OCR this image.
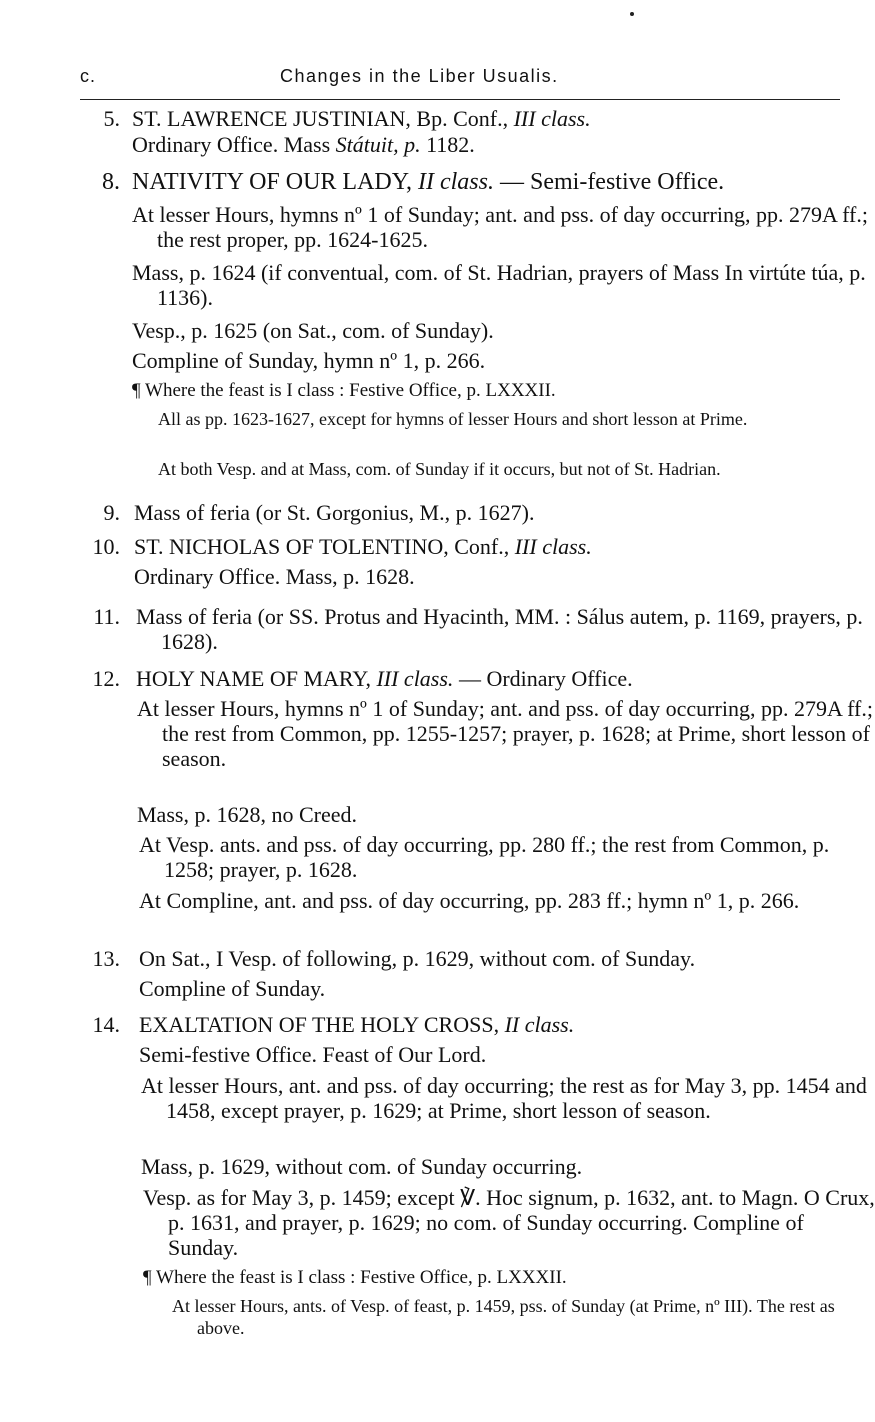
c.	Changes in the Liber Usualis.
5. ST. LAWRENCE JUSTINIAN, Bp. Conf., III class.
Ordinary Office. Mass Státuit, p. 1182.
8. NATIVITY OF OUR LADY, II class. — Semi-festive Office.
At lesser Hours, hymns nº 1 of Sunday; ant. and pss. of day occurring, pp. 279A ff.; the rest proper, pp. 1624-1625.
Mass, p. 1624 (if conventual, com. of St. Hadrian, prayers of Mass In virtúte túa, p. 1136).
Vesp., p. 1625 (on Sat., com. of Sunday).
Compline of Sunday, hymn nº 1, p. 266.
¶ Where the feast is I class : Festive Office, p. LXXXII.
All as pp. 1623-1627, except for hymns of lesser Hours and short lesson at Prime.
At both Vesp. and at Mass, com. of Sunday if it occurs, but not of St. Hadrian.
9. Mass of feria (or St. Gorgonius, M., p. 1627).
10. ST. NICHOLAS OF TOLENTINO, Conf., III class.
Ordinary Office. Mass, p. 1628.
11. Mass of feria (or SS. Protus and Hyacinth, MM. : Sálus autem, p. 1169, prayers, p. 1628).
12. HOLY NAME OF MARY, III class. — Ordinary Office.
At lesser Hours, hymns nº 1 of Sunday; ant. and pss. of day occurring, pp. 279A ff.; the rest from Common, pp. 1255-1257; prayer, p. 1628; at Prime, short lesson of season.
Mass, p. 1628, no Creed.
At Vesp. ants. and pss. of day occurring, pp. 280 ff.; the rest from Common, p. 1258; prayer, p. 1628.
At Compline, ant. and pss. of day occurring, pp. 283 ff.; hymn nº 1, p. 266.
13. On Sat., I Vesp. of following, p. 1629, without com. of Sunday.
Compline of Sunday.
14. EXALTATION OF THE HOLY CROSS, II class.
Semi-festive Office. Feast of Our Lord.
At lesser Hours, ant. and pss. of day occurring; the rest as for May 3, pp. 1454 and 1458, except prayer, p. 1629; at Prime, short lesson of season.
Mass, p. 1629, without com. of Sunday occurring.
Vesp. as for May 3, p. 1459; except ℣. Hoc signum, p. 1632, ant. to Magn. O Crux, p. 1631, and prayer, p. 1629; no com. of Sunday occurring. Compline of Sunday.
¶ Where the feast is I class : Festive Office, p. LXXXII.
At lesser Hours, ants. of Vesp. of feast, p. 1459, pss. of Sunday (at Prime, nº III). The rest as above.
